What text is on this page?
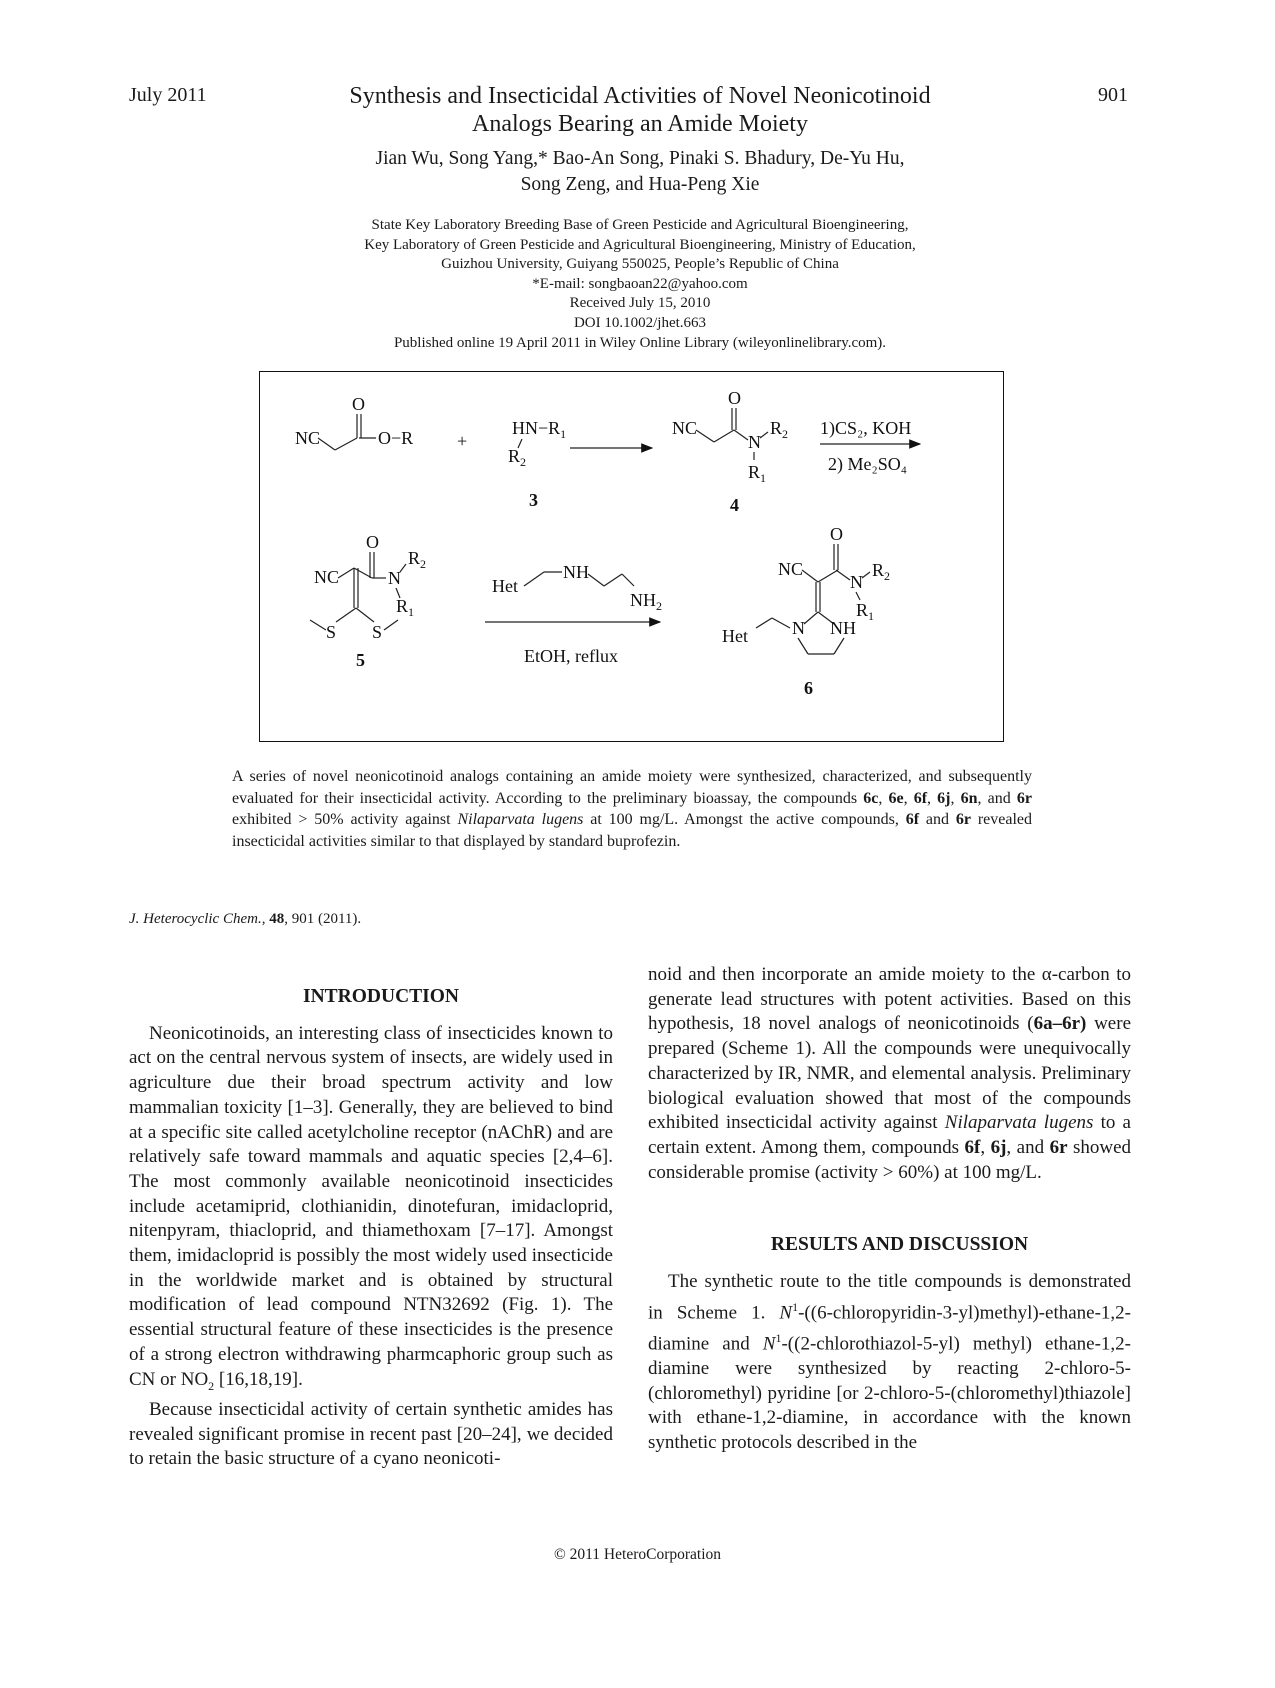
July 2011	901
Synthesis and Insecticidal Activities of Novel Neonicotinoid
Analogs Bearing an Amide Moiety
Jian Wu, Song Yang,* Bao-An Song, Pinaki S. Bhadury, De-Yu Hu,
Song Zeng, and Hua-Peng Xie
State Key Laboratory Breeding Base of Green Pesticide and Agricultural Bioengineering,
Key Laboratory of Green Pesticide and Agricultural Bioengineering, Ministry of Education,
Guizhou University, Guiyang 550025, People’s Republic of China
*E-mail: songbaoan22@yahoo.com
Received July 15, 2010
DOI 10.1002/jhet.663
Published online 19 April 2011 in Wiley Online Library (wileyonlinelibrary.com).
NC
O
O−R +
$HN-R_1$
$R_2$
3
NC
O
N
$R_2$
$R_1$
4
1)CS₂, KOH
2) Me₂SO₄
NC
O
N
$R_2$
$R_1$
S S
5
Het
NH
$NH_2$
EtOH, reflux
NC
O
N
$R_2$
$R_1$
N NH
Het
6
A series of novel neonicotinoid analogs containing an amide moiety were synthesized, characterized, and subsequently evaluated for their insecticidal activity. According to the preliminary bioassay, the compounds 6c, 6e, 6f, 6j, 6n, and 6r exhibited > 50% activity against Nilaparvata lugens at 100 mg/L. Amongst the active compounds, 6f and 6r revealed insecticidal activities similar to that displayed by standard buprofezin.
J. Heterocyclic Chem., 48, 901 (2011).

INTRODUCTION

Neonicotinoids, an interesting class of insecticides known to act on the central nervous system of insects, are widely used in agriculture due their broad spectrum activity and low mammalian toxicity [1–3]. Generally, they are believed to bind at a specific site called acetylcholine receptor (nAChR) and are relatively safe toward mammals and aquatic species [2,4–6]. The most commonly available neonicotinoid insecticides include acetamiprid, clothianidin, dinotefuran, imidacloprid, nitenpyram, thiacloprid, and thiamethoxam [7–17]. Amongst them, imidacloprid is possibly the most widely used insecticide in the worldwide market and is obtained by structural modification of lead compound NTN32692 (Fig. 1). The essential structural feature of these insecticides is the presence of a strong electron withdrawing pharmcaphoric group such as CN or $NO_2$ [16,18,19].

Because insecticidal activity of certain synthetic amides has revealed significant promise in recent past [20–24], we decided to retain the basic structure of a cyano neonicoti-

noid and then incorporate an amide moiety to the α-carbon to generate lead structures with potent activities. Based on this hypothesis, 18 novel analogs of neonicotinoids (6a–6r) were prepared (Scheme 1). All the compounds were unequivocally characterized by IR, NMR, and elemental analysis. Preliminary biological evaluation showed that most of the compounds exhibited insecticidal activity against Nilaparvata lugens to a certain extent. Among them, compounds 6f, 6j, and 6r showed considerable promise (activity > 60%) at 100 mg/L.

RESULTS AND DISCUSSION

The synthetic route to the title compounds is demonstrated in Scheme 1. $N^1-((6-chloropyridin-3-yl)methyl)-ethane-1,2$-diamine and $N^1-((2-chlorothiazol-5-yl)$ methyl) ethane-1,2-diamine were synthesized by reacting 2-chloro-5-(chloromethyl) pyridine [or 2-chloro-5-(chloromethyl)thiazole] with ethane-1,2-diamine, in accordance with the known synthetic protocols described in the

© 2011 HeteroCorporation
